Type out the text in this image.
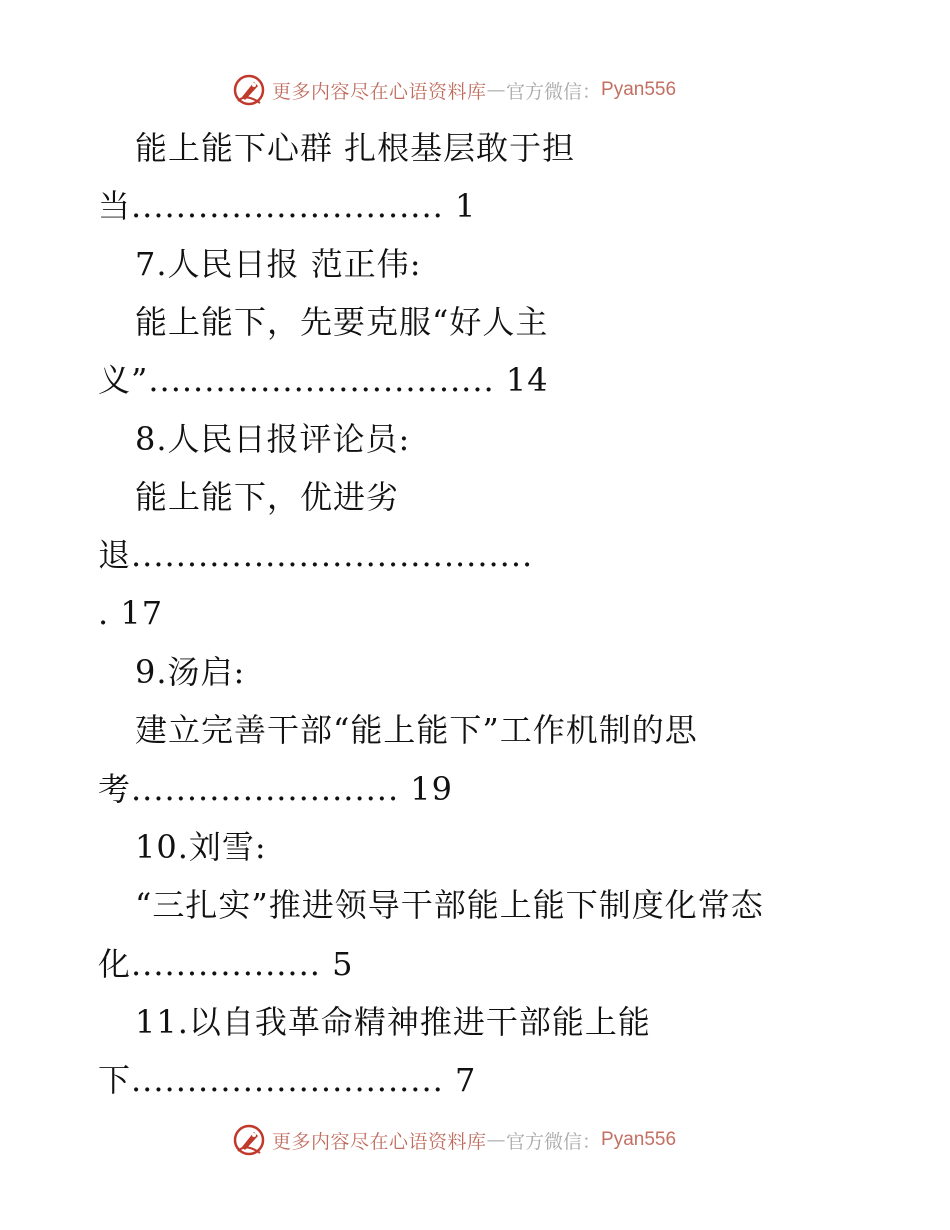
更多内容尽在心语资料库 — 官方微信： Pyan556
能上能下心群 扎根基层敢于担
当............................ 1
7.人民日报 范正伟:
能上能下，先要克服“好人主
义”............................... 14
8.人民日报评论员:
能上能下，优进劣
退....................................
. 17
9.汤启:
建立完善干部“能上能下”工作机制的思
考........................ 19
10.刘雪:
“三扎实”推进领导干部能上能下制度化常态
化................. 5
11.以自我革命精神推进干部能上能
下............................ 7
更多内容尽在心语资料库 — 官方微信： Pyan556
